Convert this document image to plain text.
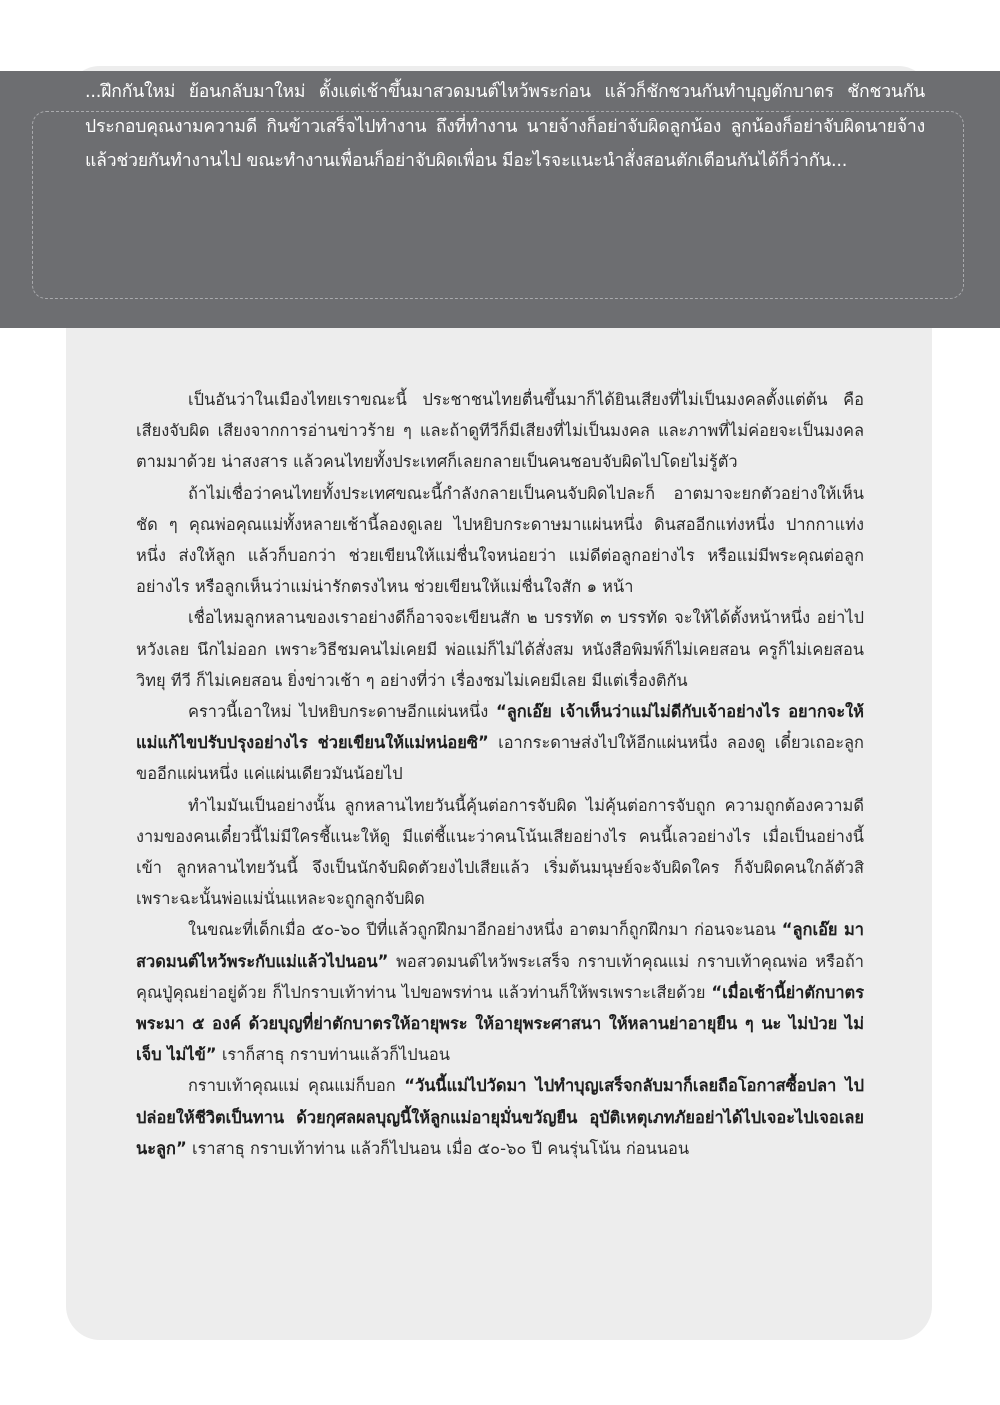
...ฝึกกันใหม่ ย้อนกลับมาใหม่ ตั้งแต่เช้าขึ้นมาสวดมนต์ไหว้พระก่อน แล้วก็ชักชวนกันทำบุญตักบาตร ชักชวนกันประกอบคุณงามความดี กินข้าวเสร็จไปทำงาน ถึงที่ทำงาน นายจ้างก็อย่าจับผิดลูกน้อง ลูกน้องก็อย่าจับผิดนายจ้าง แล้วช่วยกันทำงานไป ขณะทำงานเพื่อนก็อย่าจับผิดเพื่อน มีอะไรจะแนะนำสั่งสอนตักเตือนกันได้ก็ว่ากัน...

เป็นอันว่าในเมืองไทยเราขณะนี้ ประชาชนไทยตื่นขึ้นมาก็ได้ยินเสียงที่ไม่เป็นมงคลตั้งแต่ต้น คือ เสียงจับผิด เสียงจากการอ่านข่าวร้าย ๆ และถ้าดูทีวีก็มีเสียงที่ไม่เป็นมงคล และภาพที่ไม่ค่อยจะเป็นมงคลตามมาด้วย น่าสงสาร แล้วคนไทยทั้งประเทศก็เลยกลายเป็นคนชอบจับผิดไปโดยไม่รู้ตัว

ถ้าไม่เชื่อว่าคนไทยทั้งประเทศขณะนี้กำลังกลายเป็นคนจับผิดไปละก็ อาตมาจะยกตัวอย่างให้เห็นชัด ๆ คุณพ่อคุณแม่ทั้งหลายเช้านี้ลองดูเลย ไปหยิบกระดาษมาแผ่นหนึ่ง ดินสออีกแท่งหนึ่ง ปากกาแท่งหนึ่ง ส่งให้ลูก แล้วก็บอกว่า ช่วยเขียนให้แม่ชื่นใจหน่อยว่า แม่ดีต่อลูกอย่างไร หรือแม่มีพระคุณต่อลูกอย่างไร หรือลูกเห็นว่าแม่น่ารักตรงไหน ช่วยเขียนให้แม่ชื่นใจสัก ๑ หน้า

เชื่อไหมลูกหลานของเราอย่างดีก็อาจจะเขียนสัก ๒ บรรทัด ๓ บรรทัด จะให้ได้ตั้งหน้าหนึ่ง อย่าไปหวังเลย นึกไม่ออก เพราะวิธีชมคนไม่เคยมี พ่อแม่ก็ไม่ได้สั่งสม หนังสือพิมพ์ก็ไม่เคยสอน ครูก็ไม่เคยสอน วิทยุ ทีวี ก็ไม่เคยสอน ยิ่งข่าวเช้า ๆ อย่างที่ว่า เรื่องชมไม่เคยมีเลย มีแต่เรื่องติกัน

คราวนี้เอาใหม่ ไปหยิบกระดาษอีกแผ่นหนึ่ง “ลูกเอ๊ย เจ้าเห็นว่าแม่ไม่ดีกับเจ้าอย่างไร อยากจะให้แม่แก้ไขปรับปรุงอย่างไร ช่วยเขียนให้แม่หน่อยซิ” เอากระดาษส่งไปให้อีกแผ่นหนึ่ง ลองดู เดี๋ยวเถอะลูกขออีกแผ่นหนึ่ง แค่แผ่นเดียวมันน้อยไป

ทำไมมันเป็นอย่างนั้น ลูกหลานไทยวันนี้คุ้นต่อการจับผิด ไม่คุ้นต่อการจับถูก ความถูกต้องความดีงามของคนเดี๋ยวนี้ไม่มีใครชี้แนะให้ดู มีแต่ชี้แนะว่าคนโน้นเสียอย่างไร คนนี้เลวอย่างไร เมื่อเป็นอย่างนี้เข้า ลูกหลานไทยวันนี้ จึงเป็นนักจับผิดตัวยงไปเสียแล้ว เริ่มต้นมนุษย์จะจับผิดใคร ก็จับผิดคนใกล้ตัวสิ เพราะฉะนั้นพ่อแม่นั่นแหละจะถูกลูกจับผิด

ในขณะที่เด็กเมื่อ ๕๐-๖๐ ปีที่แล้วถูกฝึกมาอีกอย่างหนึ่ง อาตมาก็ถูกฝึกมา ก่อนจะนอน “ลูกเอ๊ย มาสวดมนต์ไหว้พระกับแม่แล้วไปนอน” พอสวดมนต์ไหว้พระเสร็จ กราบเท้าคุณแม่ กราบเท้าคุณพ่อ หรือถ้าคุณปู่คุณย่าอยู่ด้วย ก็ไปกราบเท้าท่าน ไปขอพรท่าน แล้วท่านก็ให้พรเพราะเสียด้วย “เมื่อเช้านี้ย่าตักบาตรพระมา ๕ องค์ ด้วยบุญที่ย่าตักบาตรให้อายุพระ ให้อายุพระศาสนา ให้หลานย่าอายุยืน ๆ นะ ไม่ป่วย ไม่เจ็บ ไม่ไข้” เราก็สาธุ กราบท่านแล้วก็ไปนอน

กราบเท้าคุณแม่ คุณแม่ก็บอก “วันนี้แม่ไปวัดมา ไปทำบุญเสร็จกลับมาก็เลยถือโอกาสซื้อปลา ไปปล่อยให้ชีวิตเป็นทาน ด้วยกุศลผลบุญนี้ให้ลูกแม่อายุมั่นขวัญยืน อุบัติเหตุเภทภัยอย่าได้ไปเจอะไปเจอเลยนะลูก” เราสาธุ กราบเท้าท่าน แล้วก็ไปนอน เมื่อ ๕๐-๖๐ ปี คนรุ่นโน้น ก่อนนอน
